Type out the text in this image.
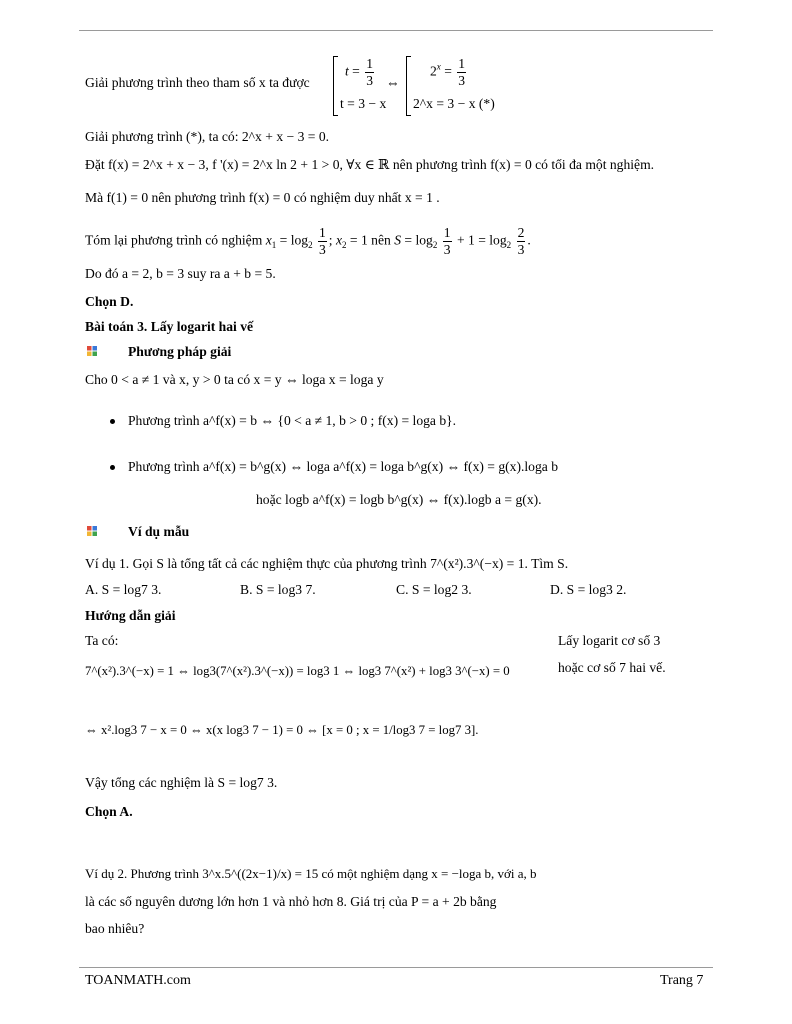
Giải phương trình theo tham số x ta được
$t = \frac{1}{3}$
t = 3 − x
⇔
$2^x = \frac{1}{3}$
2^x = 3 − x (*)
Giải phương trình (*), ta có: 2^x + x − 3 = 0.
Đặt f(x) = 2^x + x − 3, f '(x) = 2^x ln 2 + 1 > 0, ∀x ∈ ℝ nên phương trình f(x) = 0 có tối đa một nghiệm.
Mà f(1) = 0 nên phương trình f(x) = 0 có nghiệm duy nhất x = 1 .
Tóm lại phương trình có nghiệm $x_1 = \log_2 \frac{1}{3}$ ; $x_2 = 1$ nên $S = \log_2 \frac{1}{3} + 1 = \log_2 \frac{2}{3}$ .
Do đó a = 2, b = 3 suy ra a + b = 5.
Chọn D.
Bài toán 3. Lấy logarit hai vế
Phương pháp giải
Cho 0 < a ≠ 1 và x, y > 0 ta có x = y ⇔ loga x = loga y
Phương trình a^f(x) = b ⇔ {0 < a ≠ 1, b > 0 ; f(x) = loga b}.
Phương trình a^f(x) = b^g(x) ⇔ loga a^f(x) = loga b^g(x) ⇔ f(x) = g(x).loga b
hoặc logb a^f(x) = logb b^g(x) ⇔ f(x).logb a = g(x).
Ví dụ mẫu
Ví dụ 1. Gọi S là tổng tất cả các nghiệm thực của phương trình 7^(x²).3^(−x) = 1. Tìm S.
A. S = log7 3.	B. S = log3 7.	C. S = log2 3.	D. S = log3 2.
Hướng dẫn giải
Ta có:	Lấy logarit cơ số 3
hoặc cơ số 7 hai vế.
7^(x²).3^(−x) = 1 ⇔ log3(7^(x²).3^(−x)) = log3 1 ⇔ log3 7^(x²) + log3 3^(−x) = 0
⇔ x².log3 7 − x = 0 ⇔ x(x log3 7 − 1) = 0 ⇔ [x = 0 ; x = 1/log3 7 = log7 3].
Vậy tổng các nghiệm là S = log7 3.
Chọn A.
Ví dụ 2. Phương trình 3^x.5^((2x−1)/x) = 15 có một nghiệm dạng x = −loga b, với a, b
là các số nguyên dương lớn hơn 1 và nhỏ hơn 8. Giá trị của P = a + 2b bằng
bao nhiêu?
TOANMATH.com	Trang 7
